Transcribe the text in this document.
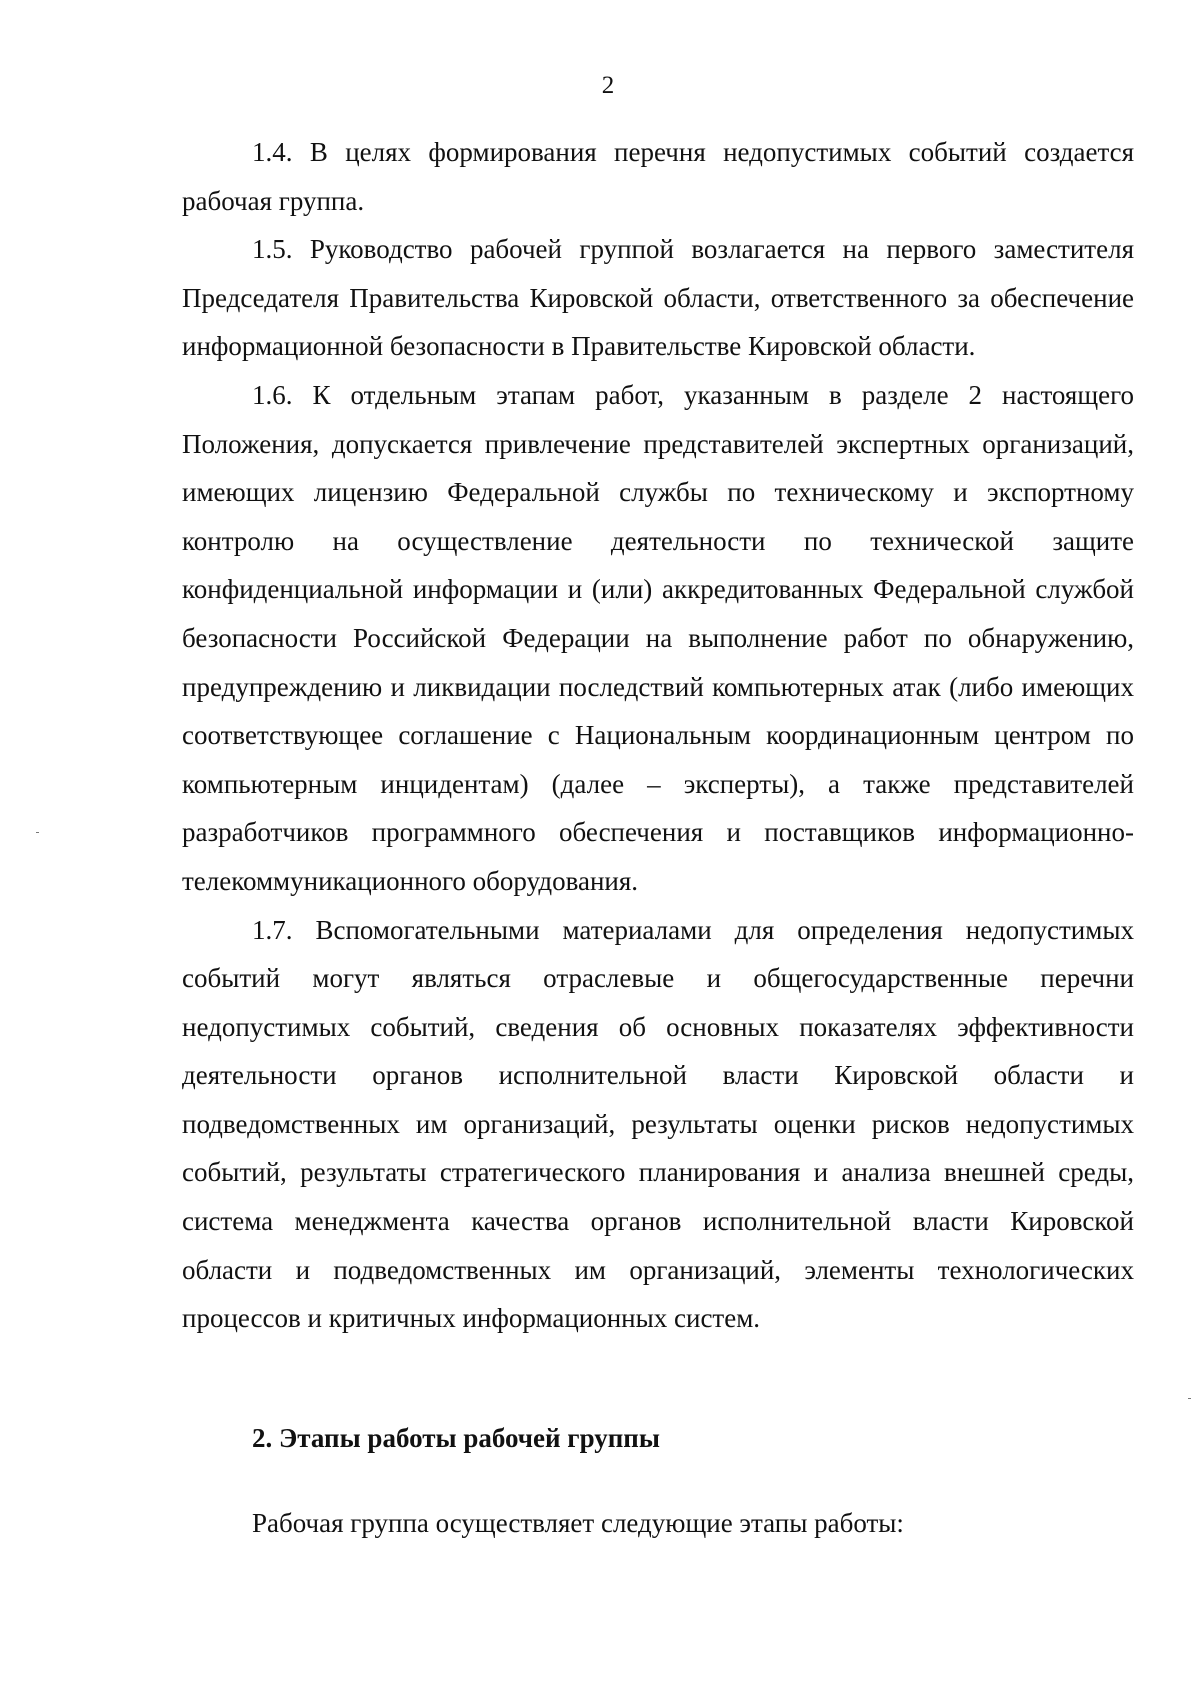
2

1.4. В целях формирования перечня недопустимых событий создается рабочая группа.

1.5. Руководство рабочей группой возлагается на первого заместителя Председателя Правительства Кировской области, ответственного за обеспечение информационной безопасности в Правительстве Кировской области.

1.6. К отдельным этапам работ, указанным в разделе 2 настоящего Положения, допускается привлечение представителей экспертных организаций, имеющих лицензию Федеральной службы по техническому и экспортному контролю на осуществление деятельности по технической защите конфиденциальной информации и (или) аккредитованных Федеральной службой безопасности Российской Федерации на выполнение работ по обнаружению, предупреждению и ликвидации последствий компьютерных атак (либо имеющих соответствующее соглашение с Национальным координационным центром по компьютерным инцидентам) (далее – эксперты), а также представителей разработчиков программного обеспечения и поставщиков информационно-телекоммуникационного оборудования.

1.7. Вспомогательными материалами для определения недопустимых событий могут являться отраслевые и общегосударственные перечни недопустимых событий, сведения об основных показателях эффективности деятельности органов исполнительной власти Кировской области и подведомственных им организаций, результаты оценки рисков недопустимых событий, результаты стратегического планирования и анализа внешней среды, система менеджмента качества органов исполнительной власти Кировской области и подведомственных им организаций, элементы технологических процессов и критичных информационных систем.

2. Этапы работы рабочей группы

Рабочая группа осуществляет следующие этапы работы:
